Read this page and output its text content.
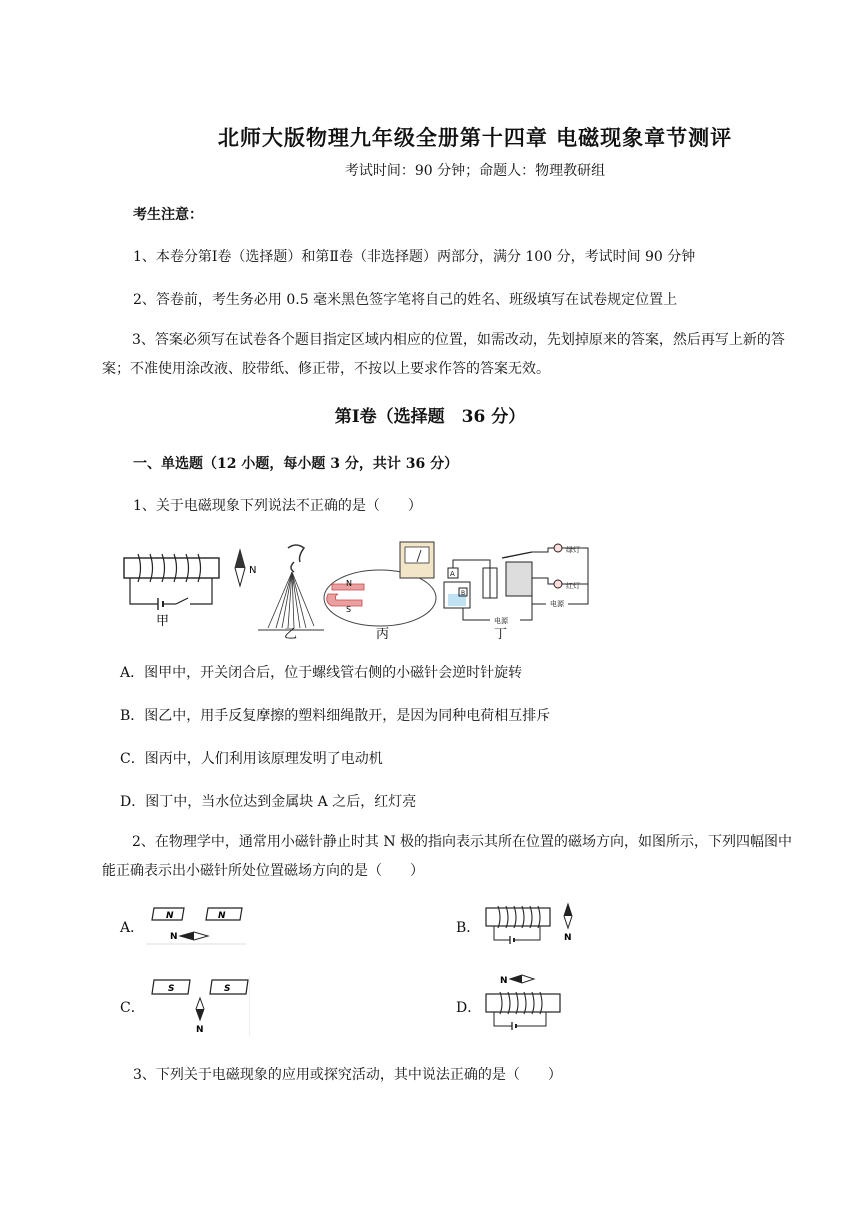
北师大版物理九年级全册第十四章 电磁现象章节测评
考试时间：90 分钟；命题人：物理教研组
考生注意：
1、本卷分第Ⅰ卷（选择题）和第Ⅱ卷（非选择题）两部分，满分 100 分，考试时间 90 分钟
2、答卷前，考生务必用 0.5 毫米黑色签字笔将自己的姓名、班级填写在试卷规定位置上
3、答案必须写在试卷各个题目指定区域内相应的位置，如需改动，先划掉原来的答案，然后再写上新的答案；不准使用涂改液、胶带纸、修正带，不按以上要求作答的答案无效。
第Ⅰ卷（选择题　36 分）
一、单选题（12 小题，每小题 3 分，共计 36 分）
1、关于电磁现象下列说法不正确的是（　　）
甲
N
乙
N
S
丙
A
B
电源
绿灯
红灯
电源
丁
A．图甲中，开关闭合后，位于螺线管右侧的小磁针会逆时针旋转
B．图乙中，用手反复摩擦的塑料细绳散开，是因为同种电荷相互排斥
C．图丙中，人们利用该原理发明了电动机
D．图丁中，当水位达到金属块 A 之后，红灯亮
2、在物理学中，通常用小磁针静止时其 N 极的指向表示其所在位置的磁场方向，如图所示，下列四幅图中能正确表示出小磁针所处位置磁场方向的是（　　）
A．
N	N
N
B．
N
C．
S	S
N
D．
N
3、下列关于电磁现象的应用或探究活动，其中说法正确的是（　　）
